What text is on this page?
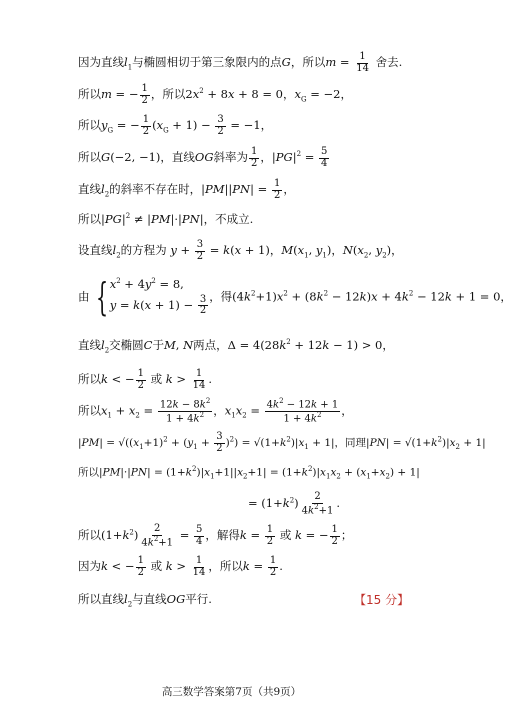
因为直线$l_1$与椭圆相切于第三象限内的点G，所以$m = \frac{1}{14}$ 舍去.
所以m = − $\frac{1}{2}$ ，所以$2x^2 + 8x + 8 = 0$，$x_G = -2$，
所以$y_G$ = − $\frac{1}{2} (x_G + 1) - \frac{3}{2} = -1$，
所以G(−2, −1)，直线OG斜率为 $\frac{1}{2}$ ，$|PG|^2 = \frac{5}{4}$
直线$l_2$的斜率不存在时，$|PM||PN| = \frac{1}{2}$ ，
所以$|PG|^2 \ne |PM|\cdot|PN|$，不成立.
设直线$l_2$的方程为 $y + \frac{3}{2} = k(x + 1)$，$M(x_1$, $y_1$)，$N(x_2$, $y_2$)，
由 { $x^2 + 4y^2 = 8$,
$y = k(x + 1) - \frac{3}{2}$ ，得$(4k^2+1)x^2 + (8k^2 - 12k)x + 4k^2 - 12k + 1 = 0$，
直线$l_2$交椭圆C于M, N两点，$\Delta = 4(28k^2 + 12k - 1) > 0$，
所以k < − $\frac{1}{2}$ 或 $k > \frac{1}{14}$ .
所以$x_1 + x_2 = \frac{12k - 8k^2}{1 + 4k^2}$ ，$x_1x_2 = \frac{4k^2 - 12k + 1}{1 + 4k^2}$ ，
$|PM| = √((x_1+1)^2 + (y_1 + \frac{3}{2} )^2) = √(1+k^2)|x_1 + 1|$，同理$|PN| = √(1+k^2)|x_2 + 1|$
所以$|PM|\cdot|PN| = (1+k^2)|x_1+1||x_2+1| = (1+k^2)|x_1x_2 + (x_1+x_2) + 1|$
= $(1+k^2) \frac{2}{4k^2+1}$ .
所以$(1+k^2) \frac{2}{4k^2+1} = \frac{5}{4}$ ，解得$k = \frac{1}{2}$ 或 k = − $\frac{1}{2}$ ；
因为k < − $\frac{1}{2}$ 或 $k > \frac{1}{14}$ ，所以$k = \frac{1}{2}$ .
所以直线$l_2$与直线OG平行.	【15 分】
高三数学答案第7页（共9页）
